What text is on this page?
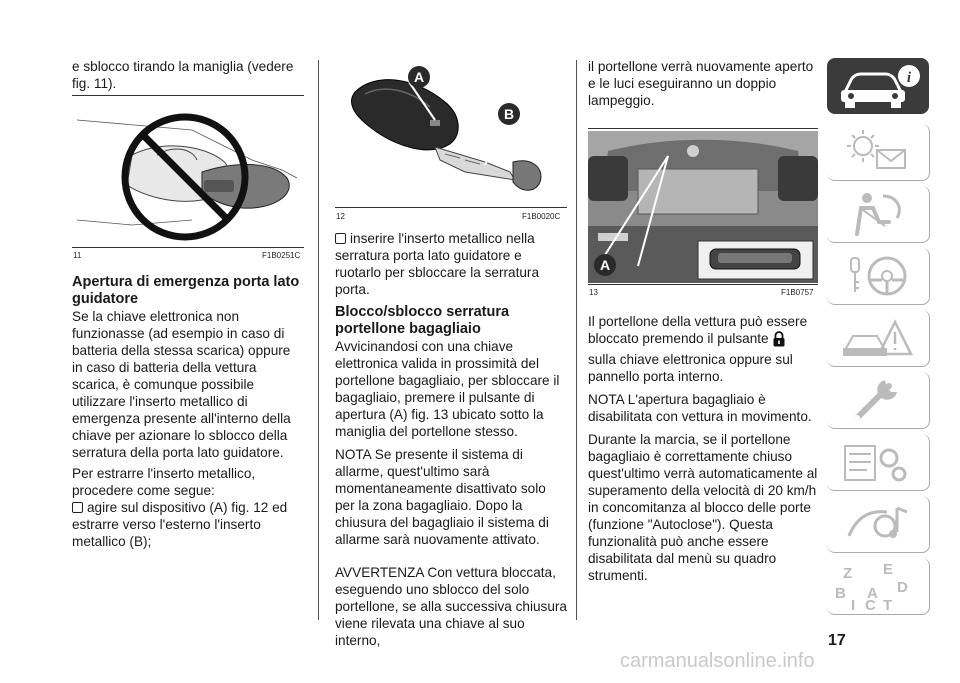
e sblocco tirando la maniglia (vedere fig. 11).

11	F1B0251C

Apertura di emergenza porta lato guidatore

Se la chiave elettronica non funzionasse (ad esempio in caso di batteria della stessa scarica) oppure in caso di batteria della vettura scarica, è comunque possibile utilizzare l'inserto metallico di emergenza presente all'interno della chiave per azionare lo sblocco della serratura della porta lato guidatore.

Per estrarre l'inserto metallico, procedere come segue:

agire sul dispositivo (A) fig. 12 ed estrarre verso l'esterno l'inserto metallico (B);

A
B
12	F1B0020C

inserire l'inserto metallico nella serratura porta lato guidatore e ruotarlo per sbloccare la serratura porta.

Blocco/sblocco serratura portellone bagagliaio

Avvicinandosi con una chiave elettronica valida in prossimità del portellone bagagliaio, per sbloccare il bagagliaio, premere il pulsante di apertura (A) fig. 13 ubicato sotto la maniglia del portellone stesso.

NOTA Se presente il sistema di allarme, quest'ultimo sarà momentaneamente disattivato solo per la zona bagagliaio. Dopo la chiusura del bagagliaio il sistema di allarme sarà nuovamente attivato.

AVVERTENZA Con vettura bloccata, eseguendo uno sblocco del solo portellone, se alla successiva chiusura viene rilevata una chiave al suo interno,

il portellone verrà nuovamente aperto e le luci eseguiranno un doppio lampeggio.

A
13	F1B0757

Il portellone della vettura può essere bloccato premendo il pulsante  sulla chiave elettronica oppure sul pannello porta interno.

NOTA L'apertura bagagliaio è disabilitata con vettura in movimento.

Durante la marcia, se il portellone bagagliaio è correttamente chiuso quest'ultimo verrà automaticamente al superamento della velocità di 20 km/h in concomitanza al blocco delle porte (funzione "Autoclose"). Questa funzionalità può anche essere disabilitata dal menù su quadro strumenti.

i
Z E
B A D
I C T
17
carmanualsonline.info
